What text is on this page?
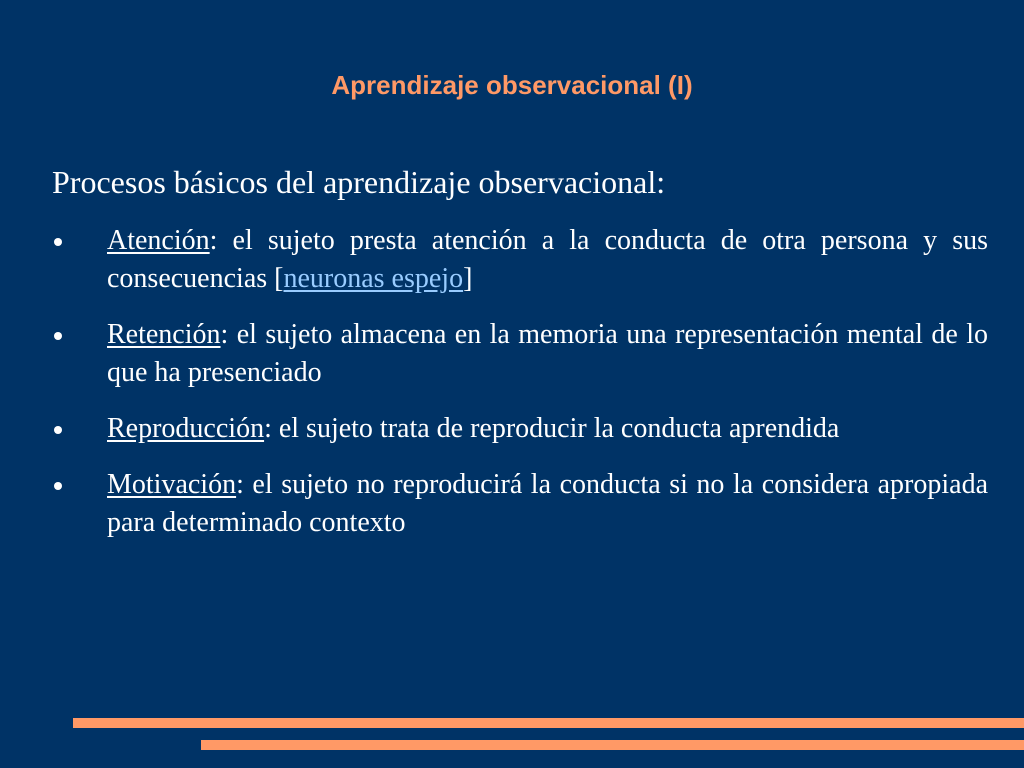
Aprendizaje observacional (I)

Procesos básicos del aprendizaje observacional:

Atención: el sujeto presta atención a la conducta de otra persona y sus consecuencias [neuronas espejo]
Retención: el sujeto almacena en la memoria una representación mental de lo que ha presenciado
Reproducción: el sujeto trata de reproducir la conducta aprendida
Motivación: el sujeto no reproducirá la conducta si no la considera apropiada para determinado contexto
